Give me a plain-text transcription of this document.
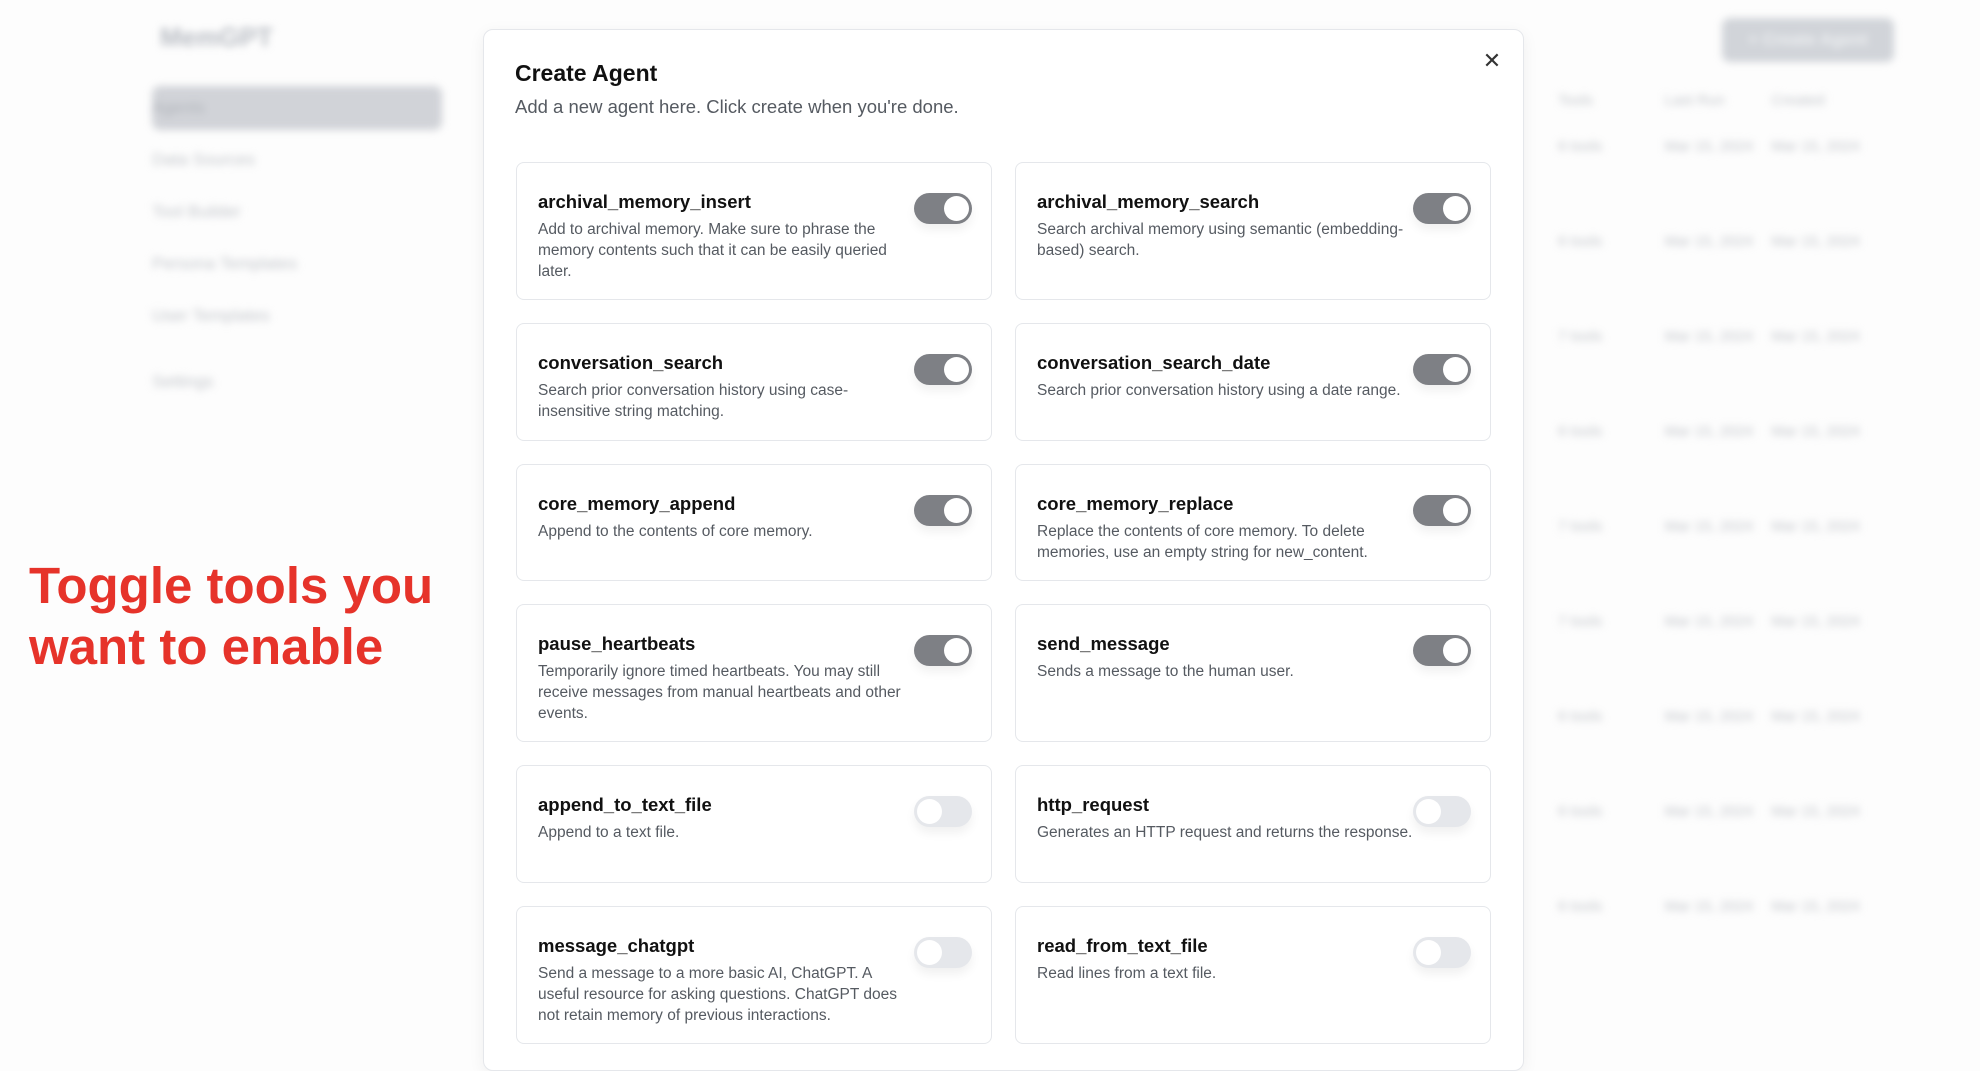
MemGPT
Agents
Data Sources
Tool Builder
Persona Templates
User Templates
Settings
+ Create Agent
Tools	Last Run	Created
6 tools	Mar 15, 2024	Mar 15, 2024
6 tools	Mar 15, 2024	Mar 15, 2024
7 tools	Mar 15, 2024	Mar 15, 2024
6 tools	Mar 15, 2024	Mar 15, 2024
7 tools	Mar 15, 2024	Mar 15, 2024
7 tools	Mar 15, 2024	Mar 15, 2024
6 tools	Mar 15, 2024	Mar 15, 2024
6 tools	Mar 15, 2024	Mar 15, 2024
6 tools	Mar 15, 2024	Mar 15, 2024
Toggle tools you
want to enable
Create Agent
Add a new agent here. Click create when you're done.
✕
archival_memory_insert
Add to archival memory. Make sure to phrase the memory contents such that it can be easily queried later.
archival_memory_search
Search archival memory using semantic (embedding-based) search.
conversation_search
Search prior conversation history using case-insensitive string matching.
conversation_search_date
Search prior conversation history using a date range.
core_memory_append
Append to the contents of core memory.
core_memory_replace
Replace the contents of core memory. To delete memories, use an empty string for new_content.
pause_heartbeats
Temporarily ignore timed heartbeats. You may still receive messages from manual heartbeats and other events.
send_message
Sends a message to the human user.
append_to_text_file
Append to a text file.
http_request
Generates an HTTP request and returns the response.
message_chatgpt
Send a message to a more basic AI, ChatGPT. A useful resource for asking questions. ChatGPT does not retain memory of previous interactions.
read_from_text_file
Read lines from a text file.
